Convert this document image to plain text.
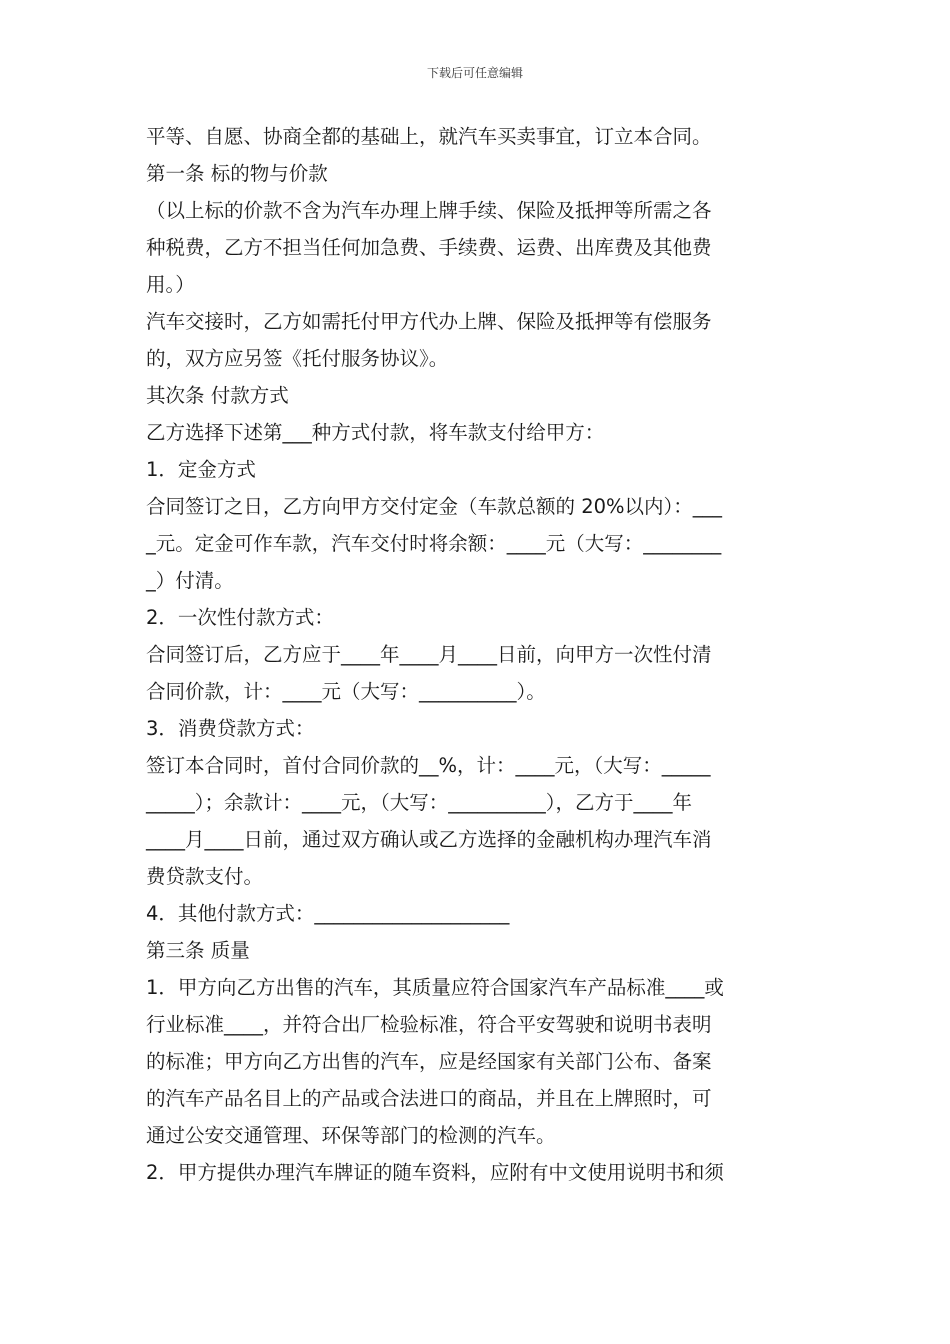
下载后可任意编辑
平等、自愿、协商全都的基础上，就汽车买卖事宜，订立本合同。
第一条 标的物与价款
（以上标的价款不含为汽车办理上牌手续、保险及抵押等所需之各
种税费，乙方不担当任何加急费、手续费、运费、出库费及其他费
用。）
汽车交接时，乙方如需托付甲方代办上牌、保险及抵押等有偿服务
的，双方应另签《托付服务协议》。
其次条 付款方式
乙方选择下述第___种方式付款，将车款支付给甲方：
1．定金方式
合同签订之日，乙方向甲方交付定金（车款总额的 20%以内）：___
_元。定金可作车款，汽车交付时将余额：____元（大写：________
_）付清。
2．一次性付款方式：
合同签订后，乙方应于____年____月____日前，向甲方一次性付清
合同价款，计：____元（大写：__________）。
3．消费贷款方式：
签订本合同时，首付合同价款的__%，计：____元，（大写：_____
_____）；余款计：____元，（大写：__________），乙方于____年
____月____日前，通过双方确认或乙方选择的金融机构办理汽车消
费贷款支付。
4．其他付款方式：____________________
第三条 质量
1．甲方向乙方出售的汽车，其质量应符合国家汽车产品标准____或
行业标准____，并符合出厂检验标准，符合平安驾驶和说明书表明
的标准；甲方向乙方出售的汽车，应是经国家有关部门公布、备案
的汽车产品名目上的产品或合法进口的商品，并且在上牌照时，可
通过公安交通管理、环保等部门的检测的汽车。
2．甲方提供办理汽车牌证的随车资料，应附有中文使用说明书和须
